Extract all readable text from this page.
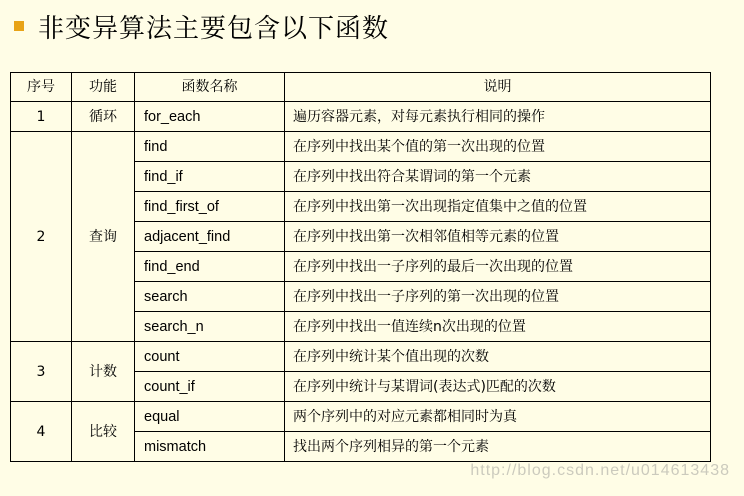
非变异算法主要包含以下函数
序号	功能	函数名称	说明
1	循环	for_each	遍历容器元素，对每元素执行相同的操作
2	查询	find	在序列中找出某个值的第一次出现的位置
		find_if	在序列中找出符合某谓词的第一个元素
		find_first_of	在序列中找出第一次出现指定值集中之值的位置
		adjacent_find	在序列中找出第一次相邻值相等元素的位置
		find_end	在序列中找出一子序列的最后一次出现的位置
		search	在序列中找出一子序列的第一次出现的位置
		search_n	在序列中找出一值连续n次出现的位置
3	计数	count	在序列中统计某个值出现的次数
		count_if	在序列中统计与某谓词(表达式)匹配的次数
4	比较	equal	两个序列中的对应元素都相同时为真
		mismatch	找出两个序列相异的第一个元素
http://blog.csdn.net/u014613438
